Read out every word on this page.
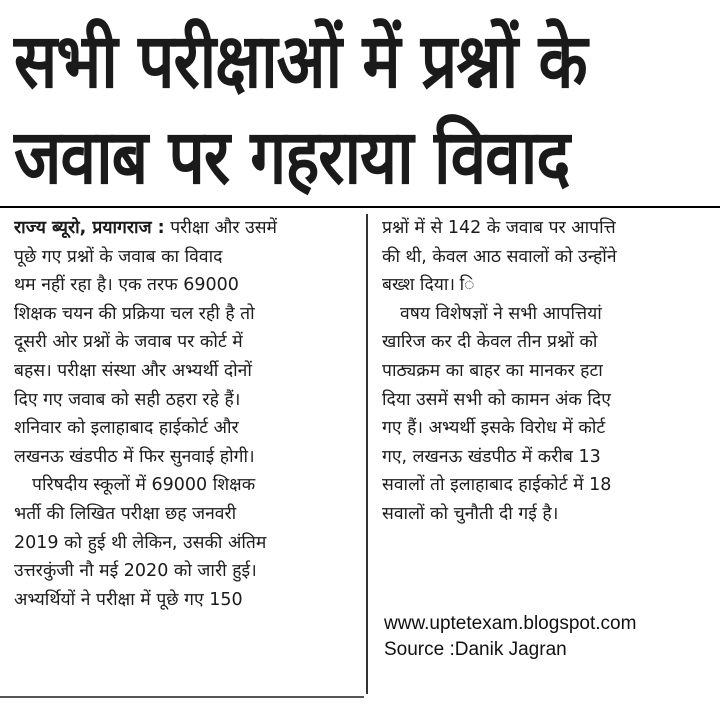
सभी परीक्षाओं में प्रश्नों के
जवाब पर गहराया विवाद
राज्य ब्यूरो, प्रयागराज : परीक्षा और उसमें
पूछे गए प्रश्नों के जवाब का विवाद
थम नहीं रहा है। एक तरफ 69000
शिक्षक चयन की प्रक्रिया चल रही है तो
दूसरी ओर प्रश्नों के जवाब पर कोर्ट में
बहस। परीक्षा संस्था और अभ्यर्थी दोनों
दिए गए जवाब को सही ठहरा रहे हैं।
शनिवार को इलाहाबाद हाईकोर्ट और
लखनऊ खंडपीठ में फिर सुनवाई होगी।
परिषदीय स्कूलों में 69000 शिक्षक
भर्ती की लिखित परीक्षा छह जनवरी
2019 को हुई थी लेकिन, उसकी अंतिम
उत्तरकुंजी नौ मई 2020 को जारी हुई।
अभ्यर्थियों ने परीक्षा में पूछे गए 150
प्रश्नों में से 142 के जवाब पर आपत्ति
की थी, केवल आठ सवालों को उन्होंने
बख्श दिया। ि
वषय विशेषज्ञों ने सभी आपत्तियां
खारिज कर दी केवल तीन प्रश्नों को
पाठ्यक्रम का बाहर का मानकर हटा
दिया उसमें सभी को कामन अंक दिए
गए हैं। अभ्यर्थी इसके विरोध में कोर्ट
गए, लखनऊ खंडपीठ में करीब 13
सवालों तो इलाहाबाद हाईकोर्ट में 18
सवालों को चुनौती दी गई है।
www.uptetexam.blogspot.com
Source :Danik Jagran
